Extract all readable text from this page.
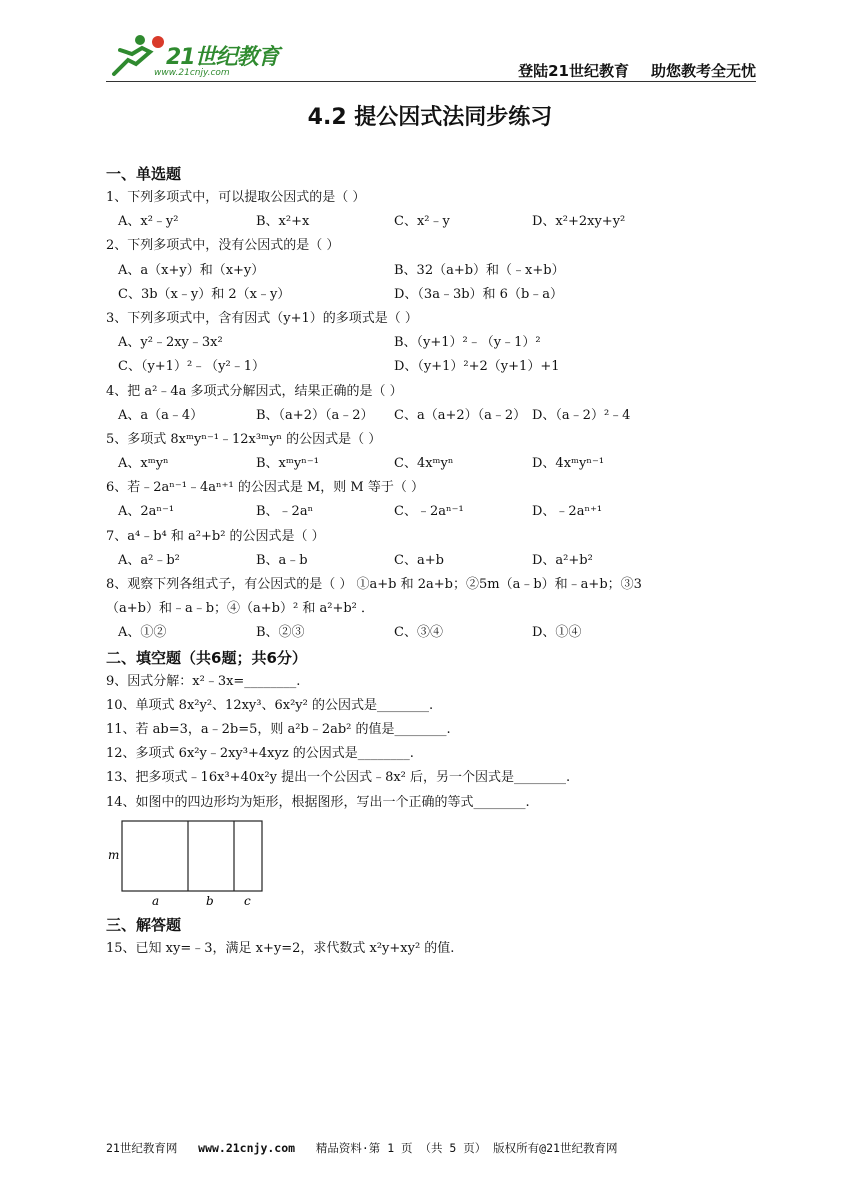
21世纪教育
www.21cnjy.com	登陆21世纪教育 助您教考全无忧
4.2 提公因式法同步练习
一、单选题
1、下列多项式中，可以提取公因式的是（ ）
A、x²﹣y²	B、x²+x	C、x²﹣y	D、x²+2xy+y²
2、下列多项式中，没有公因式的是（ ）
A、a（x+y）和（x+y）	B、32（a+b）和（﹣x+b）
C、3b（x﹣y）和 2（x﹣y）	D、（3a﹣3b）和 6（b﹣a）
3、下列多项式中，含有因式（y+1）的多项式是（ ）
A、y²﹣2xy﹣3x²	B、（y+1）²﹣（y﹣1）²
C、（y+1）²﹣（y²﹣1）	D、（y+1）²+2（y+1）+1
4、把 a²﹣4a 多项式分解因式，结果正确的是（ ）
A、a（a﹣4）	B、（a+2）（a﹣2）	C、a（a+2）（a﹣2） D、（a﹣2）²﹣4
5、多项式 8xᵐyⁿ⁻¹﹣12x³ᵐyⁿ 的公因式是（ ）
A、xᵐyⁿ	B、xᵐyⁿ⁻¹	C、4xᵐyⁿ	D、4xᵐyⁿ⁻¹
6、若﹣2aⁿ⁻¹﹣4aⁿ⁺¹ 的公因式是 M，则 M 等于（ ）
A、2aⁿ⁻¹	B、﹣2aⁿ	C、﹣2aⁿ⁻¹	D、﹣2aⁿ⁺¹
7、a⁴﹣b⁴ 和 a²+b² 的公因式是（ ）
A、a²﹣b²	B、a﹣b	C、a+b	D、a²+b²
8、观察下列各组式子，有公因式的是（ ） ①a+b 和 2a+b；②5m（a﹣b）和﹣a+b；③3
（a+b）和﹣a﹣b；④（a+b）² 和 a²+b² ．
A、①②	B、②③	C、③④	D、①④
二、填空题（共6题；共6分）
9、因式分解：x²﹣3x=________.
10、单项式 8x²y²、12xy³、6x²y² 的公因式是________.
11、若 ab=3，a﹣2b=5，则 a²b﹣2ab² 的值是________.
12、多项式 6x²y﹣2xy³+4xyz 的公因式是________.
13、把多项式﹣16x³+40x²y 提出一个公因式﹣8x² 后，另一个因式是________.
14、如图中的四边形均为矩形，根据图形，写出一个正确的等式________.
m
a	b	c
三、解答题
15、已知 xy=﹣3，满足 x+y=2，求代数式 x²y+xy² 的值.
21世纪教育网 www.21cnjy.com 精品资料·第 1 页 （共 5 页） 版权所有@21世纪教育网
